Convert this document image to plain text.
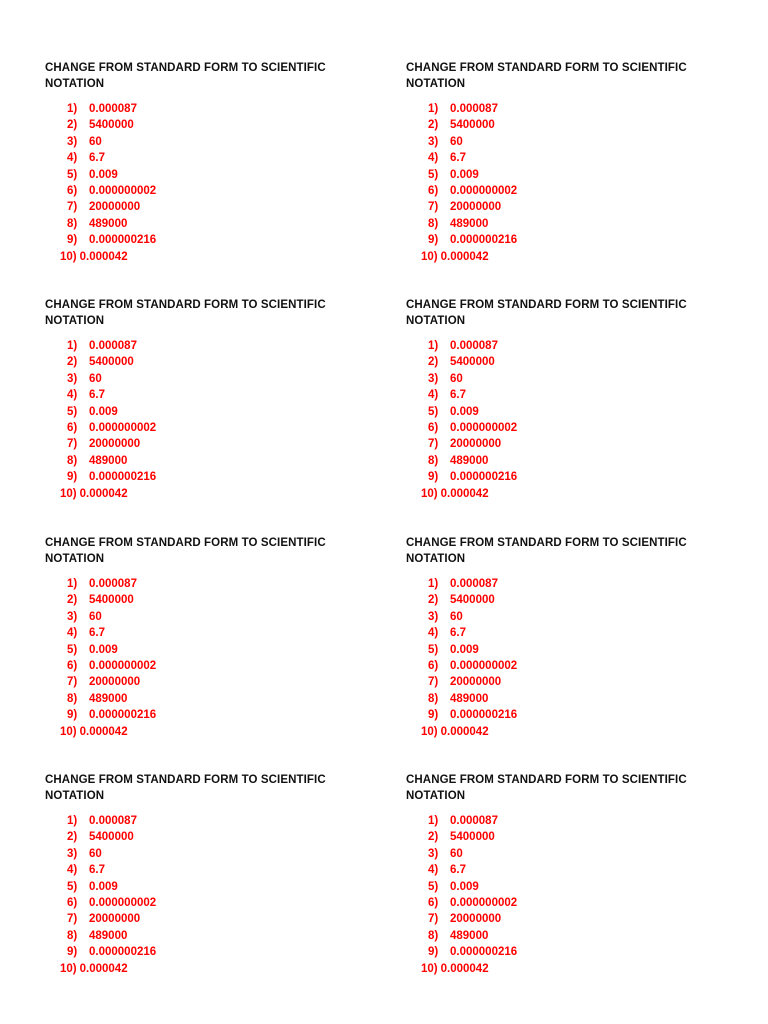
CHANGE FROM STANDARD FORM TO SCIENTIFIC
NOTATION
1)	0.000087
2)	5400000
3)	60
4)	6.7
5)	0.009
6)	0.000000002
7)	20000000
8)	489000
9)	0.000000216
10) 0.000042
CHANGE FROM STANDARD FORM TO SCIENTIFIC
NOTATION
1)	0.000087
2)	5400000
3)	60
4)	6.7
5)	0.009
6)	0.000000002
7)	20000000
8)	489000
9)	0.000000216
10) 0.000042
CHANGE FROM STANDARD FORM TO SCIENTIFIC
NOTATION
1)	0.000087
2)	5400000
3)	60
4)	6.7
5)	0.009
6)	0.000000002
7)	20000000
8)	489000
9)	0.000000216
10) 0.000042
CHANGE FROM STANDARD FORM TO SCIENTIFIC
NOTATION
1)	0.000087
2)	5400000
3)	60
4)	6.7
5)	0.009
6)	0.000000002
7)	20000000
8)	489000
9)	0.000000216
10) 0.000042
CHANGE FROM STANDARD FORM TO SCIENTIFIC
NOTATION
1)	0.000087
2)	5400000
3)	60
4)	6.7
5)	0.009
6)	0.000000002
7)	20000000
8)	489000
9)	0.000000216
10) 0.000042
CHANGE FROM STANDARD FORM TO SCIENTIFIC
NOTATION
1)	0.000087
2)	5400000
3)	60
4)	6.7
5)	0.009
6)	0.000000002
7)	20000000
8)	489000
9)	0.000000216
10) 0.000042
CHANGE FROM STANDARD FORM TO SCIENTIFIC
NOTATION
1)	0.000087
2)	5400000
3)	60
4)	6.7
5)	0.009
6)	0.000000002
7)	20000000
8)	489000
9)	0.000000216
10) 0.000042
CHANGE FROM STANDARD FORM TO SCIENTIFIC
NOTATION
1)	0.000087
2)	5400000
3)	60
4)	6.7
5)	0.009
6)	0.000000002
7)	20000000
8)	489000
9)	0.000000216
10) 0.000042
